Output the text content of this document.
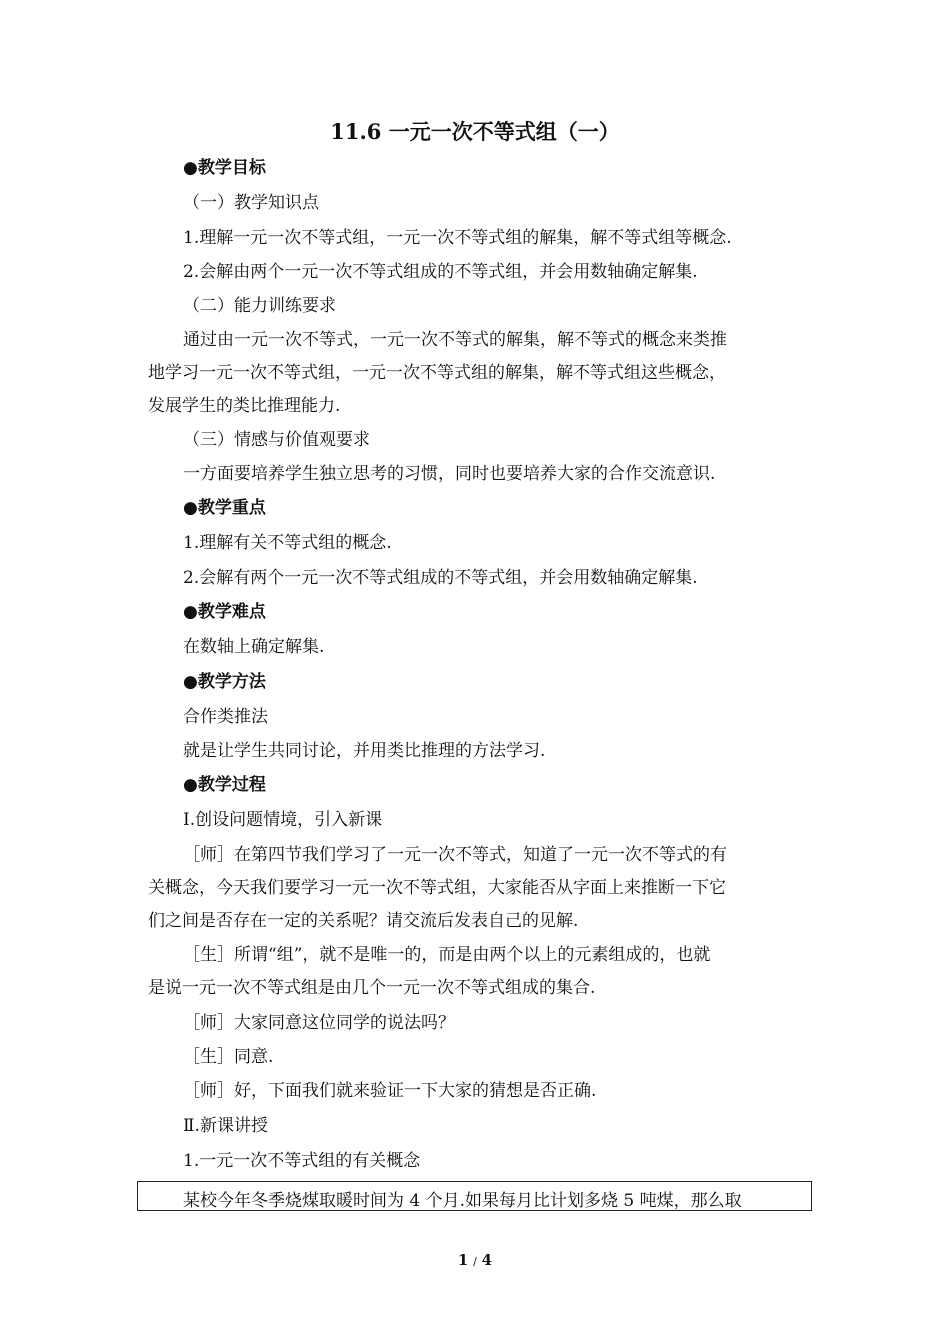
11.6 一元一次不等式组（一）
●教学目标
（一）教学知识点
1.理解一元一次不等式组，一元一次不等式组的解集，解不等式组等概念.
2.会解由两个一元一次不等式组成的不等式组，并会用数轴确定解集.
（二）能力训练要求
通过由一元一次不等式，一元一次不等式的解集，解不等式的概念来类推
地学习一元一次不等式组，一元一次不等式组的解集，解不等式组这些概念，
发展学生的类比推理能力.
（三）情感与价值观要求
一方面要培养学生独立思考的习惯，同时也要培养大家的合作交流意识.
●教学重点
1.理解有关不等式组的概念.
2.会解有两个一元一次不等式组成的不等式组，并会用数轴确定解集.
●教学难点
在数轴上确定解集.
●教学方法
合作类推法
就是让学生共同讨论，并用类比推理的方法学习.
●教学过程
Ⅰ.创设问题情境，引入新课
［师］在第四节我们学习了一元一次不等式，知道了一元一次不等式的有
关概念，今天我们要学习一元一次不等式组，大家能否从字面上来推断一下它
们之间是否存在一定的关系呢？请交流后发表自己的见解.
［生］所谓“组”，就不是唯一的，而是由两个以上的元素组成的，也就
是说一元一次不等式组是由几个一元一次不等式组成的集合.
［师］大家同意这位同学的说法吗？
［生］同意.
［师］好，下面我们就来验证一下大家的猜想是否正确.
Ⅱ.新课讲授
1.一元一次不等式组的有关概念
某校今年冬季烧煤取暖时间为 4 个月.如果每月比计划多烧 5 吨煤，那么取
1 / 4
